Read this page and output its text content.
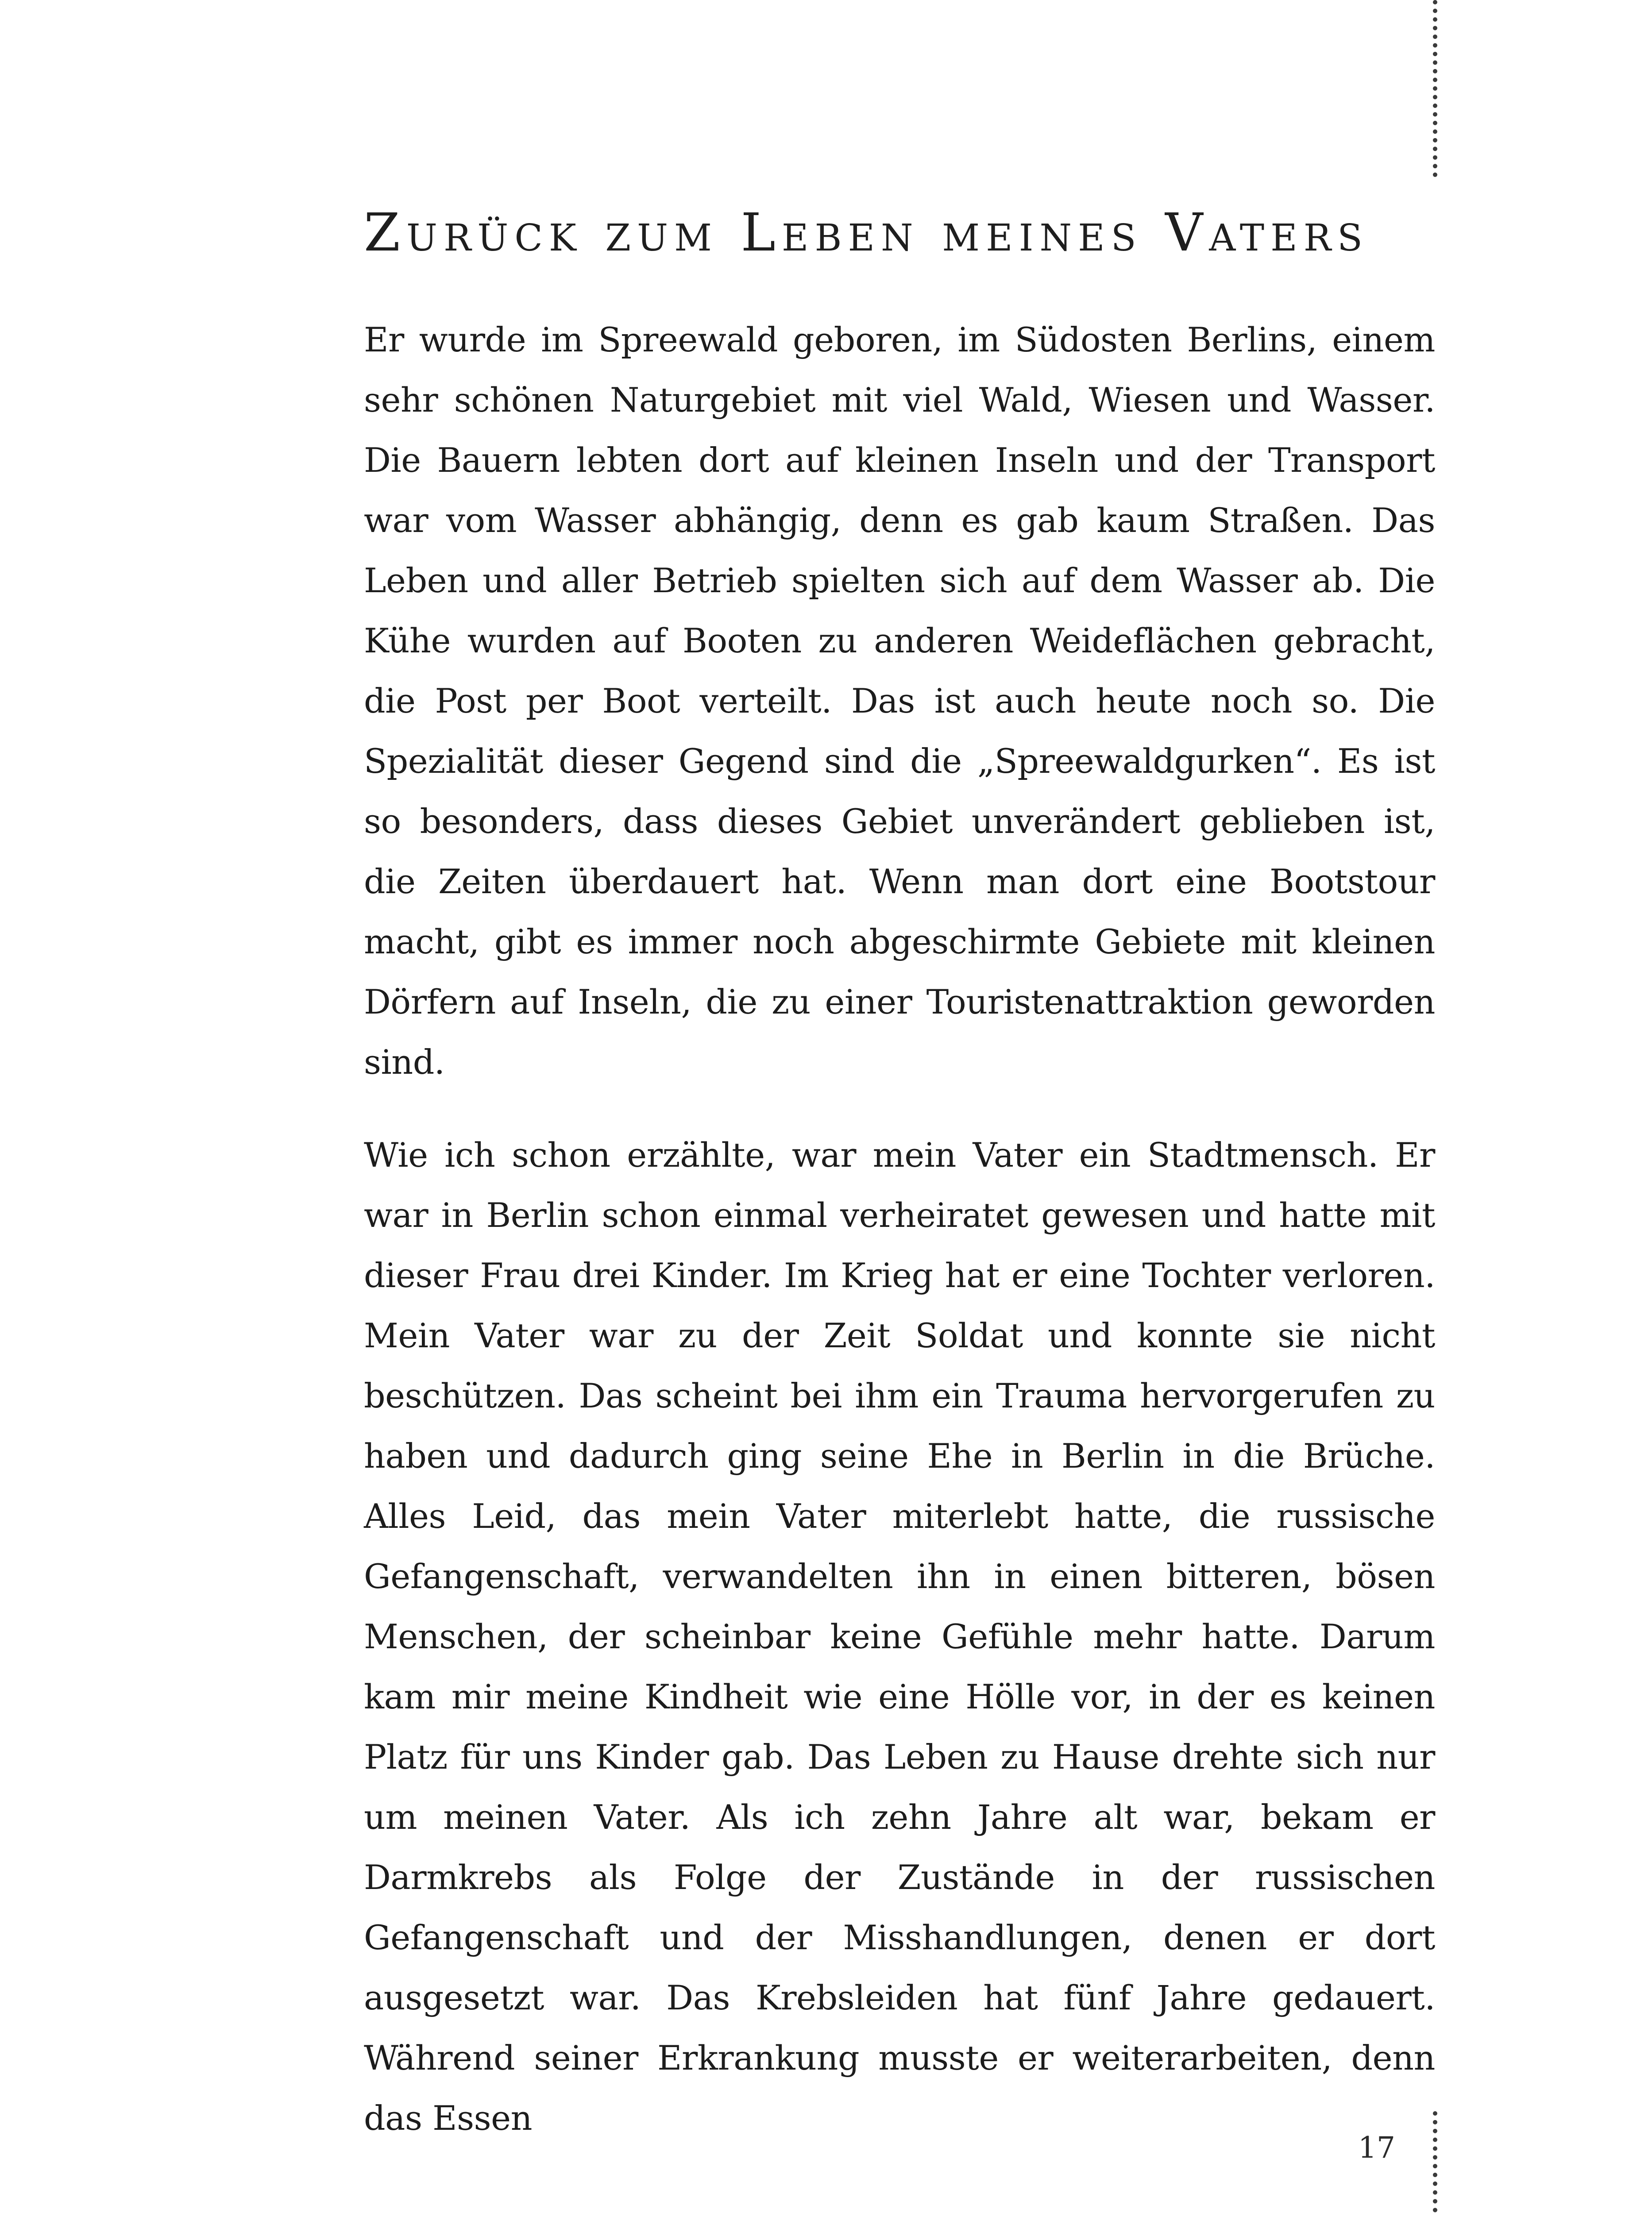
Zurück zum Leben meines Vaters

Er wurde im Spreewald geboren, im Südosten Berlins, einem sehr schönen Naturgebiet mit viel Wald, Wiesen und Wasser. Die Bauern lebten dort auf kleinen Inseln und der Transport war vom Wasser abhängig, denn es gab kaum Straßen. Das Leben und aller Betrieb spielten sich auf dem Wasser ab. Die Kühe wurden auf Booten zu anderen Weideflächen gebracht, die Post per Boot verteilt. Das ist auch heute noch so. Die Spezialität dieser Gegend sind die „Spreewaldgurken“. Es ist so besonders, dass dieses Gebiet unverändert geblieben ist, die Zeiten überdauert hat. Wenn man dort eine Bootstour macht, gibt es immer noch abgeschirmte Gebiete mit kleinen Dörfern auf Inseln, die zu einer Touristenattraktion geworden sind.

Wie ich schon erzählte, war mein Vater ein Stadtmensch. Er war in Berlin schon einmal verheiratet gewesen und hatte mit dieser Frau drei Kinder. Im Krieg hat er eine Tochter verloren. Mein Vater war zu der Zeit Soldat und konnte sie nicht beschützen. Das scheint bei ihm ein Trauma hervorgerufen zu haben und dadurch ging seine Ehe in Berlin in die Brüche. Alles Leid, das mein Vater miterlebt hatte, die russische Gefangenschaft, verwandelten ihn in einen bitteren, bösen Menschen, der scheinbar keine Gefühle mehr hatte. Darum kam mir meine Kindheit wie eine Hölle vor, in der es keinen Platz für uns Kinder gab. Das Leben zu Hause drehte sich nur um meinen Vater. Als ich zehn Jahre alt war, bekam er Darmkrebs als Folge der Zustände in der russischen Gefangenschaft und der Misshandlungen, denen er dort ausgesetzt war. Das Krebsleiden hat fünf Jahre gedauert. Während seiner Erkrankung musste er weiterarbeiten, denn das Essen

17
